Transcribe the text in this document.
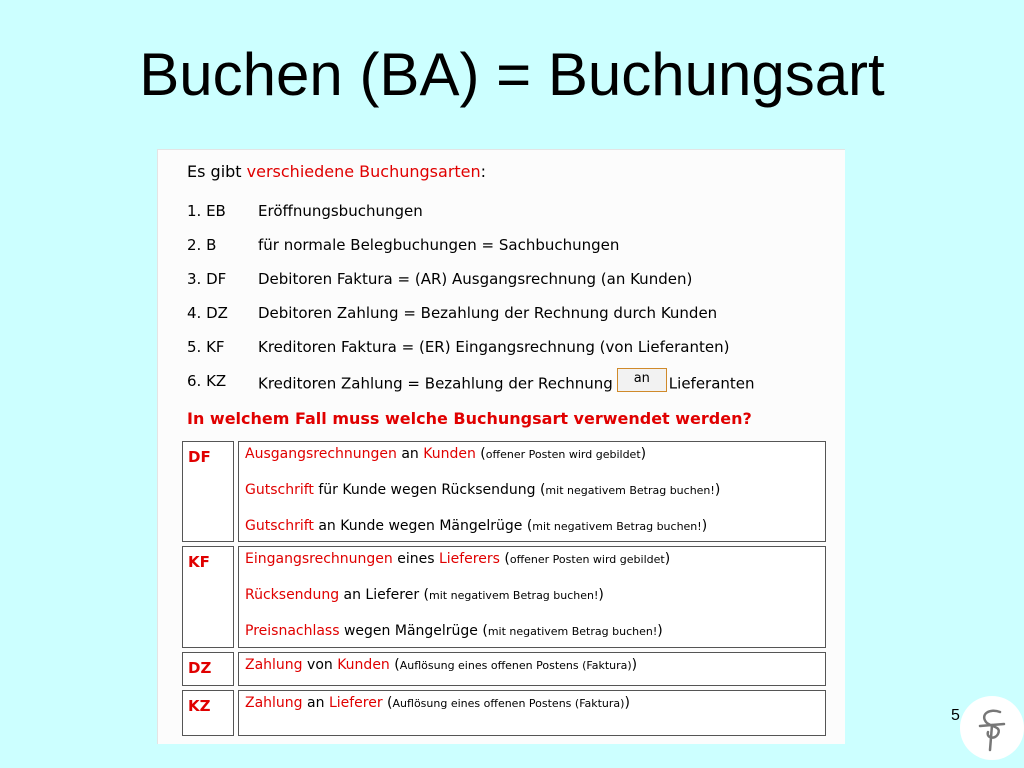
Buchen (BA) = Buchungsart
Es gibt verschiedene Buchungsarten:
1. EB	Eröffnungsbuchungen
2. B	für normale Belegbuchungen = Sachbuchungen
3. DF	Debitoren Faktura = (AR) Ausgangsrechnung (an Kunden)
4. DZ	Debitoren Zahlung = Bezahlung der Rechnung durch Kunden
5. KF	Kreditoren Faktura = (ER) Eingangsrechnung (von Lieferanten)
6. KZ	Kreditoren Zahlung = Bezahlung der Rechnung an Lieferanten
In welchem Fall muss welche Buchungsart verwendet werden?
DF	Ausgangsrechnungen an Kunden (offener Posten wird gebildet)
Gutschrift für Kunde wegen Rücksendung (mit negativem Betrag buchen!)
Gutschrift an Kunde wegen Mängelrüge (mit negativem Betrag buchen!)
KF	Eingangsrechnungen eines Lieferers (offener Posten wird gebildet)
Rücksendung an Lieferer (mit negativem Betrag buchen!)
Preisnachlass wegen Mängelrüge (mit negativem Betrag buchen!)
DZ	Zahlung von Kunden (Auflösung eines offenen Postens (Faktura))
KZ	Zahlung an Lieferer (Auflösung eines offenen Postens (Faktura))
5
